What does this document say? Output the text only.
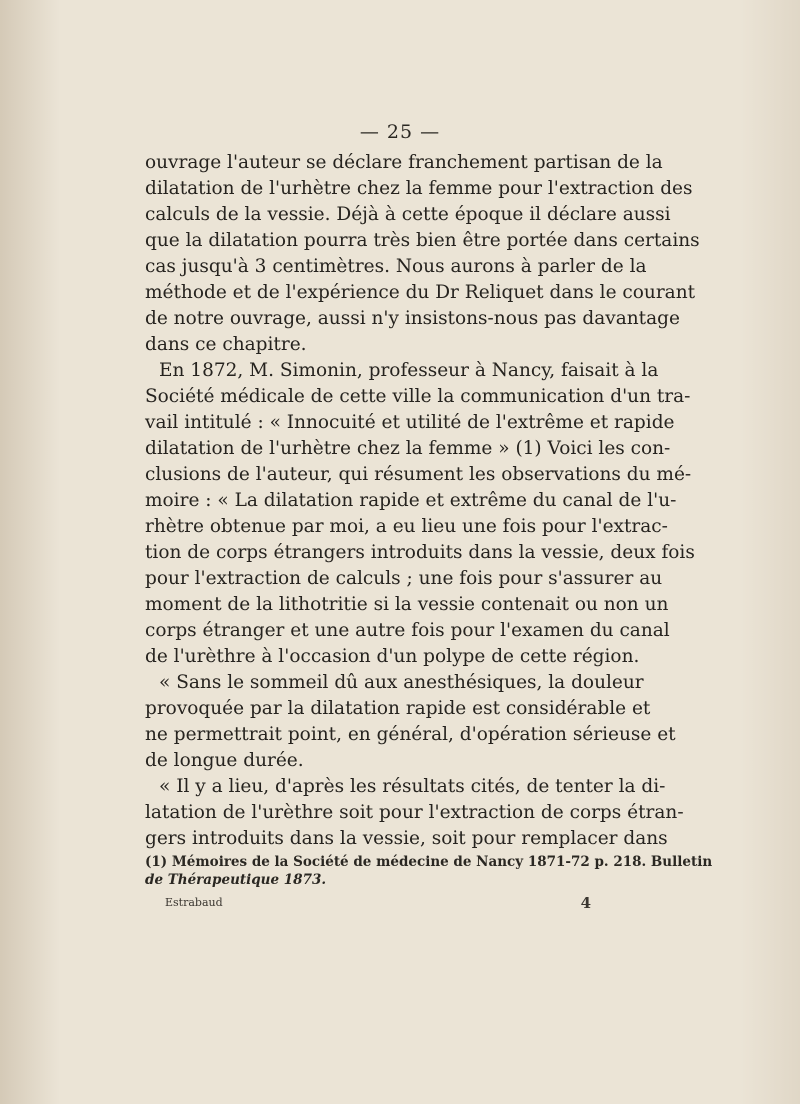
— 25 —
ouvrage l'auteur se déclare franchement partisan de la
dilatation de l'urhètre chez la femme pour l'extraction des
calculs de la vessie. Déjà à cette époque il déclare aussi
que la dilatation pourra très bien être portée dans certains
cas jusqu'à 3 centimètres. Nous aurons à parler de la
méthode et de l'expérience du Dr Reliquet dans le courant
de notre ouvrage, aussi n'y insistons-nous pas davantage
dans ce chapitre.
En 1872, M. Simonin, professeur à Nancy, faisait à la
Société médicale de cette ville la communication d'un tra-
vail intitulé : « Innocuité et utilité de l'extrême et rapide
dilatation de l'urhètre chez la femme » (1) Voici les con-
clusions de l'auteur, qui résument les observations du mé-
moire : « La dilatation rapide et extrême du canal de l'u-
rhètre obtenue par moi, a eu lieu une fois pour l'extrac-
tion de corps étrangers introduits dans la vessie, deux fois
pour l'extraction de calculs ; une fois pour s'assurer au
moment de la lithotritie si la vessie contenait ou non un
corps étranger et une autre fois pour l'examen du canal
de l'urèthre à l'occasion d'un polype de cette région.
« Sans le sommeil dû aux anesthésiques, la douleur
provoquée par la dilatation rapide est considérable et
ne permettrait point, en général, d'opération sérieuse et
de longue durée.
« Il y a lieu, d'après les résultats cités, de tenter la di-
latation de l'urèthre soit pour l'extraction de corps étran-
gers introduits dans la vessie, soit pour remplacer dans
(1) Mémoires de la Société de médecine de Nancy 1871-72 p. 218. Bulletin
de Thérapeutique 1873.
Estrabaud	4
